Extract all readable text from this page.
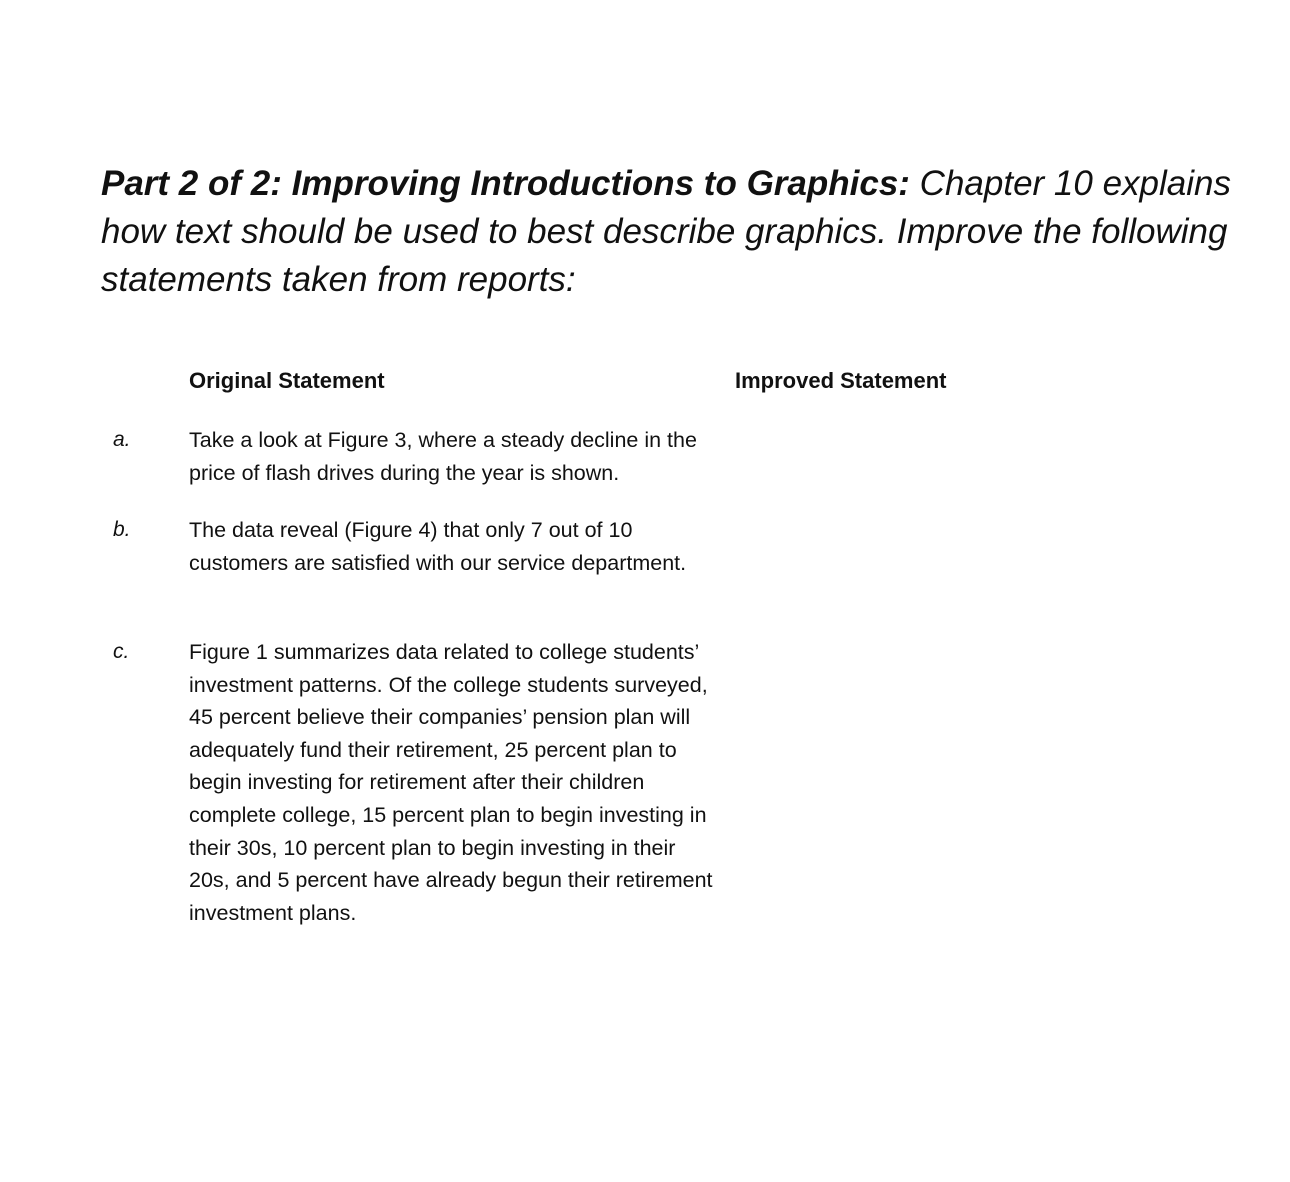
Part 2 of 2: Improving Introductions to Graphics: Chapter 10 explains how text should be used to best describe graphics. Improve the following statements taken from reports:

Original Statement	Improved Statement
a.	Take a look at Figure 3, where a steady decline in the price of flash drives during the year is shown.
b.	The data reveal (Figure 4) that only 7 out of 10 customers are satisfied with our service department.
c.	Figure 1 summarizes data related to college students’ investment patterns. Of the college students surveyed, 45 percent believe their companies’ pension plan will adequately fund their retirement, 25 percent plan to begin investing for retirement after their children complete college, 15 percent plan to begin investing in their 30s, 10 percent plan to begin investing in their 20s, and 5 percent have already begun their retirement investment plans.
